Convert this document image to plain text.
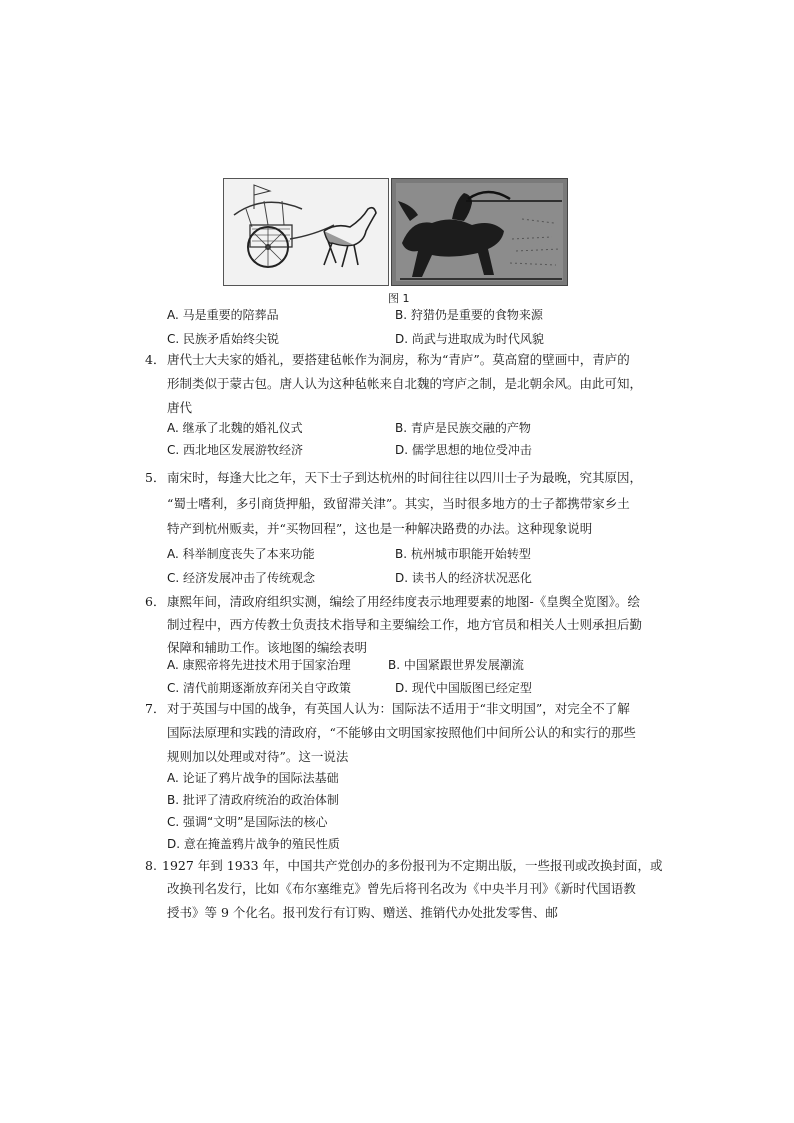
图 1
A. 马是重要的陪葬品	B. 狩猎仍是重要的食物来源
C. 民族矛盾始终尖锐	D. 尚武与进取成为时代风貌
4． 唐代士大夫家的婚礼，要搭建毡帐作为洞房，称为“青庐”。莫高窟的壁画中，青庐的
形制类似于蒙古包。唐人认为这种毡帐来自北魏的穹庐之制，是北朝余风。由此可知，
唐代
A. 继承了北魏的婚礼仪式	B. 青庐是民族交融的产物
C. 西北地区发展游牧经济	D. 儒学思想的地位受冲击
5． 南宋时，每逢大比之年，天下士子到达杭州的时间往往以四川士子为最晚，究其原因，
“蜀士嗜利，多引商货押船，致留滞关津”。其实，当时很多地方的士子都携带家乡土
特产到杭州贩卖，并“买物回程”，这也是一种解决路费的办法。这种现象说明
A. 科举制度丧失了本来功能	B. 杭州城市职能开始转型
C. 经济发展冲击了传统观念	D. 读书人的经济状况恶化
6． 康熙年间，清政府组织实测，编绘了用经纬度表示地理要素的地图-《皇舆全览图》。绘
制过程中，西方传教士负责技术指导和主要编绘工作，地方官员和相关人士则承担后勤
保障和辅助工作。该地图的编绘表明
A. 康熙帝将先进技术用于国家治理	B. 中国紧跟世界发展潮流
C. 清代前期逐渐放弃闭关自守政策	D. 现代中国版图已经定型
7． 对于英国与中国的战争，有英国人认为：国际法不适用于“非文明国”，对完全不了解
国际法原理和实践的清政府，“不能够由文明国家按照他们中间所公认的和实行的那些
规则加以处理或对待”。这一说法
A. 论证了鸦片战争的国际法基础
B. 批评了清政府统治的政治体制
C. 强调“文明”是国际法的核心
D. 意在掩盖鸦片战争的殖民性质
8. 1927 年到 1933 年，中国共产党创办的多份报刊为不定期出版，一些报刊或改换封面，或
改换刊名发行，比如《布尔塞维克》曾先后将刊名改为《中央半月刊》《新时代国语教
授书》等 9 个化名。报刊发行有订购、赠送、推销代办处批发零售、邮
